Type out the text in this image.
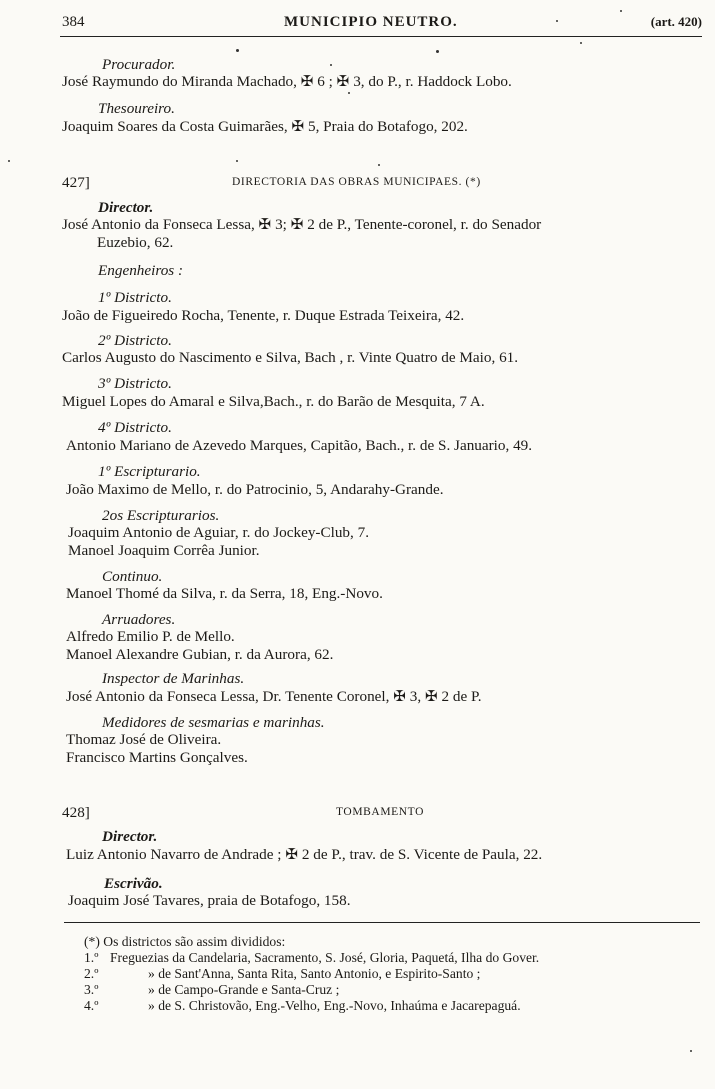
384	MUNICIPIO NEUTRO.	(art. 420)
Procurador.
José Raymundo do Miranda Machado, ✠ 6 ; ✠ 3, do P., r. Haddock Lobo.
Thesoureiro.
Joaquim Soares da Costa Guimarães, ✠ 5, Praia do Botafogo, 202.
427]	DIRECTORIA DAS OBRAS MUNICIPAES. (*)
Director.
José Antonio da Fonseca Lessa, ✠ 3; ✠ 2 de P., Tenente-coronel, r. do Senador
Euzebio, 62.
Engenheiros :
1º Districto.
João de Figueiredo Rocha, Tenente, r. Duque Estrada Teixeira, 42.
2º Districto.
Carlos Augusto do Nascimento e Silva, Bach , r. Vinte Quatro de Maio, 61.
3º Districto.
Miguel Lopes do Amaral e Silva,Bach., r. do Barão de Mesquita, 7 A.
4º Districto.
Antonio Mariano de Azevedo Marques, Capitão, Bach., r. de S. Januario, 49.
1º Escripturario.
João Maximo de Mello, r. do Patrocinio, 5, Andarahy-Grande.
2os Escripturarios.
Joaquim Antonio de Aguiar, r. do Jockey-Club, 7.
Manoel Joaquim Corrêa Junior.
Continuo.
Manoel Thomé da Silva, r. da Serra, 18, Eng.-Novo.
Arruadores.
Alfredo Emilio P. de Mello.
Manoel Alexandre Gubian, r. da Aurora, 62.
Inspector de Marinhas.
José Antonio da Fonseca Lessa, Dr. Tenente Coronel, ✠ 3, ✠ 2 de P.
Medidores de sesmarias e marinhas.
Thomaz José de Oliveira.
Francisco Martins Gonçalves.
428]	TOMBAMENTO
Director.
Luiz Antonio Navarro de Andrade ; ✠ 2 de P., trav. de S. Vicente de Paula, 22.
Escrivão.
Joaquim José Tavares, praia de Botafogo, 158.
(*) Os districtos são assim divididos:
1.º Freguezias da Candelaria, Sacramento, S. José, Gloria, Paquetá, Ilha do Gover.
2.º	» de Sant'Anna, Santa Rita, Santo Antonio, e Espirito-Santo ;
3.º	» de Campo-Grande e Santa-Cruz ;
4.º	» de S. Christovão, Eng.-Velho, Eng.-Novo, Inhaúma e Jacarepaguá.
